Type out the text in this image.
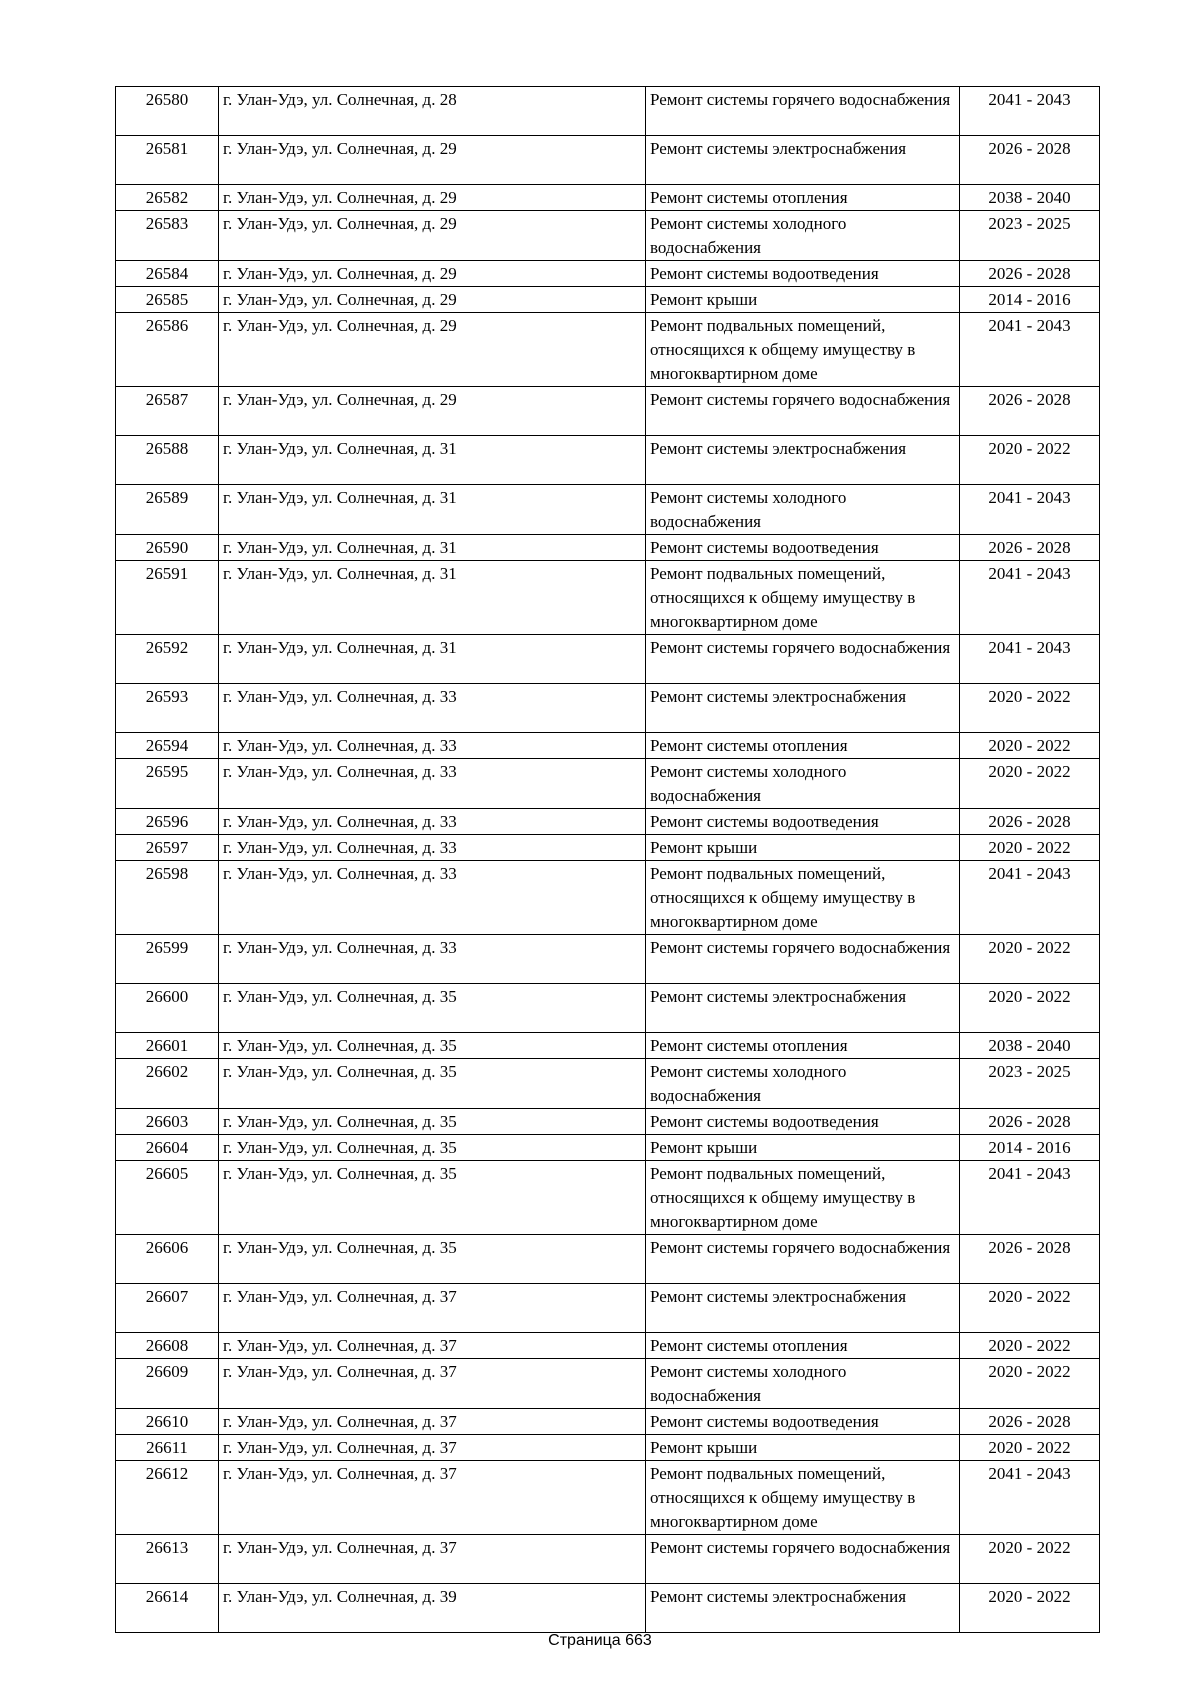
26580	г. Улан-Удэ, ул. Солнечная, д. 28	Ремонт системы горячего водоснабжения	2041 - 2043
26581	г. Улан-Удэ, ул. Солнечная, д. 29	Ремонт системы электроснабжения	2026 - 2028
26582	г. Улан-Удэ, ул. Солнечная, д. 29	Ремонт системы отопления	2038 - 2040
26583	г. Улан-Удэ, ул. Солнечная, д. 29	Ремонт системы холодного водоснабжения	2023 - 2025
26584	г. Улан-Удэ, ул. Солнечная, д. 29	Ремонт системы водоотведения	2026 - 2028
26585	г. Улан-Удэ, ул. Солнечная, д. 29	Ремонт крыши	2014 - 2016
26586	г. Улан-Удэ, ул. Солнечная, д. 29	Ремонт подвальных помещений, относящихся к общему имуществу в многоквартирном доме	2041 - 2043
26587	г. Улан-Удэ, ул. Солнечная, д. 29	Ремонт системы горячего водоснабжения	2026 - 2028
26588	г. Улан-Удэ, ул. Солнечная, д. 31	Ремонт системы электроснабжения	2020 - 2022
26589	г. Улан-Удэ, ул. Солнечная, д. 31	Ремонт системы холодного водоснабжения	2041 - 2043
26590	г. Улан-Удэ, ул. Солнечная, д. 31	Ремонт системы водоотведения	2026 - 2028
26591	г. Улан-Удэ, ул. Солнечная, д. 31	Ремонт подвальных помещений, относящихся к общему имуществу в многоквартирном доме	2041 - 2043
26592	г. Улан-Удэ, ул. Солнечная, д. 31	Ремонт системы горячего водоснабжения	2041 - 2043
26593	г. Улан-Удэ, ул. Солнечная, д. 33	Ремонт системы электроснабжения	2020 - 2022
26594	г. Улан-Удэ, ул. Солнечная, д. 33	Ремонт системы отопления	2020 - 2022
26595	г. Улан-Удэ, ул. Солнечная, д. 33	Ремонт системы холодного водоснабжения	2020 - 2022
26596	г. Улан-Удэ, ул. Солнечная, д. 33	Ремонт системы водоотведения	2026 - 2028
26597	г. Улан-Удэ, ул. Солнечная, д. 33	Ремонт крыши	2020 - 2022
26598	г. Улан-Удэ, ул. Солнечная, д. 33	Ремонт подвальных помещений, относящихся к общему имуществу в многоквартирном доме	2041 - 2043
26599	г. Улан-Удэ, ул. Солнечная, д. 33	Ремонт системы горячего водоснабжения	2020 - 2022
26600	г. Улан-Удэ, ул. Солнечная, д. 35	Ремонт системы электроснабжения	2020 - 2022
26601	г. Улан-Удэ, ул. Солнечная, д. 35	Ремонт системы отопления	2038 - 2040
26602	г. Улан-Удэ, ул. Солнечная, д. 35	Ремонт системы холодного водоснабжения	2023 - 2025
26603	г. Улан-Удэ, ул. Солнечная, д. 35	Ремонт системы водоотведения	2026 - 2028
26604	г. Улан-Удэ, ул. Солнечная, д. 35	Ремонт крыши	2014 - 2016
26605	г. Улан-Удэ, ул. Солнечная, д. 35	Ремонт подвальных помещений, относящихся к общему имуществу в многоквартирном доме	2041 - 2043
26606	г. Улан-Удэ, ул. Солнечная, д. 35	Ремонт системы горячего водоснабжения	2026 - 2028
26607	г. Улан-Удэ, ул. Солнечная, д. 37	Ремонт системы электроснабжения	2020 - 2022
26608	г. Улан-Удэ, ул. Солнечная, д. 37	Ремонт системы отопления	2020 - 2022
26609	г. Улан-Удэ, ул. Солнечная, д. 37	Ремонт системы холодного водоснабжения	2020 - 2022
26610	г. Улан-Удэ, ул. Солнечная, д. 37	Ремонт системы водоотведения	2026 - 2028
26611	г. Улан-Удэ, ул. Солнечная, д. 37	Ремонт крыши	2020 - 2022
26612	г. Улан-Удэ, ул. Солнечная, д. 37	Ремонт подвальных помещений, относящихся к общему имуществу в многоквартирном доме	2041 - 2043
26613	г. Улан-Удэ, ул. Солнечная, д. 37	Ремонт системы горячего водоснабжения	2020 - 2022
26614	г. Улан-Удэ, ул. Солнечная, д. 39	Ремонт системы электроснабжения	2020 - 2022
Страница 663
